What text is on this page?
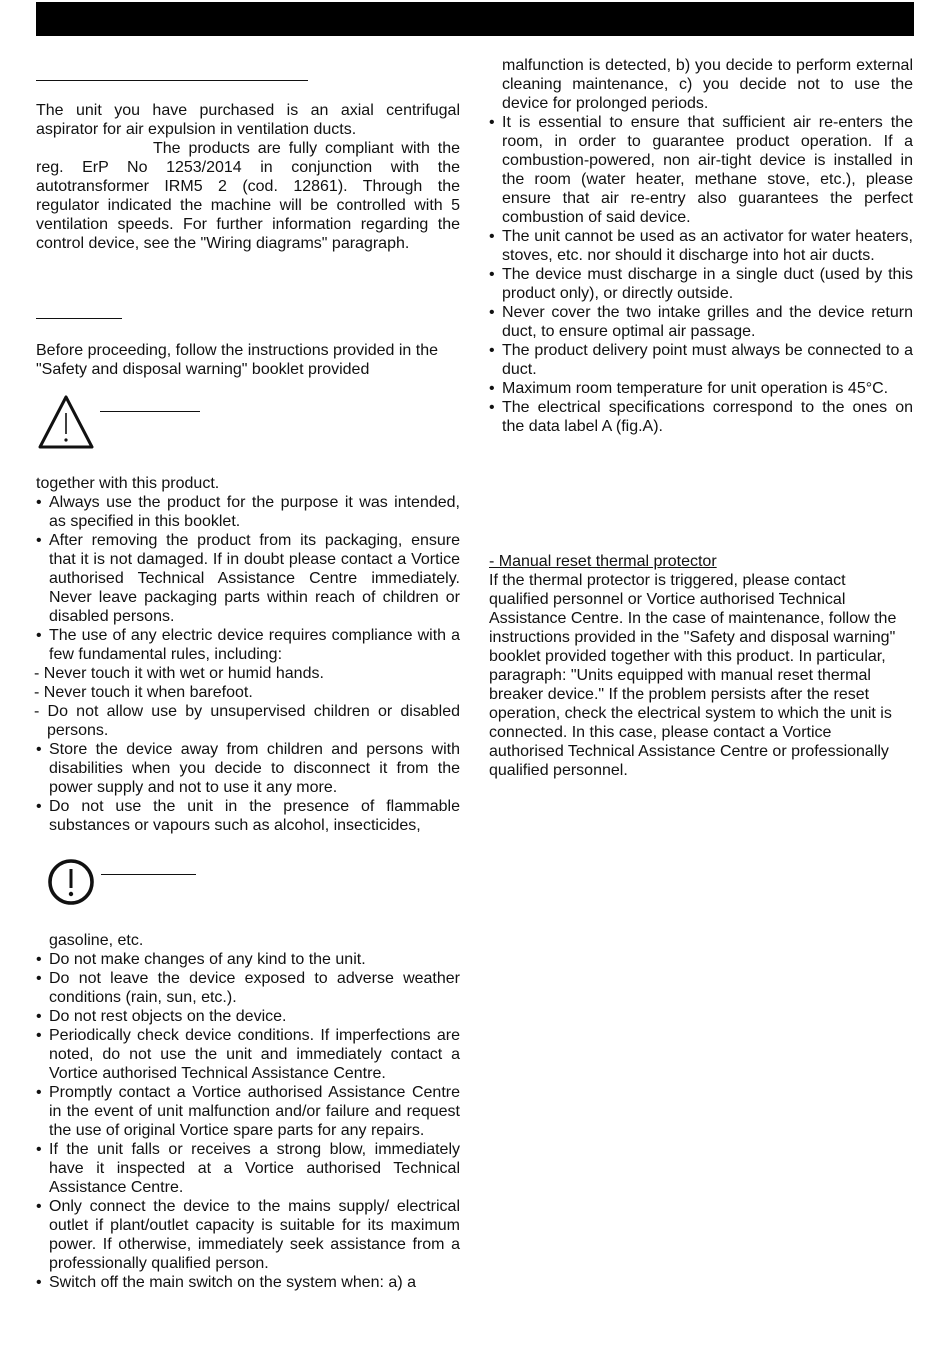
The unit you have purchased is an axial centrifugal aspirator for air expulsion in ventilation ducts.
The products are fully compliant with the reg. ErP No 1253/2014 in conjunction with the autotransformer IRM5 2 (cod. 12861). Through the regulator indicated the machine will be controlled with 5 ventilation speeds. For further information regarding the control device, see the "Wiring diagrams" paragraph.
Before proceeding, follow the instructions provided in the "Safety and disposal warning" booklet provided
together with this product.
• Always use the product for the purpose it was intended, as specified in this booklet.
• After removing the product from its packaging, ensure that it is not damaged. If in doubt please contact a Vortice authorised Technical Assistance Centre immediately. Never leave packaging parts within reach of children or disabled persons.
• The use of any electric device requires compliance with a few fundamental rules, including:
- Never touch it with wet or humid hands.
- Never touch it when barefoot.
- Do not allow use by unsupervised children or disabled persons.
• Store the device away from children and persons with disabilities when you decide to disconnect it from the power supply and not to use it any more.
• Do not use the unit in the presence of flammable substances or vapours such as alcohol, insecticides,
gasoline, etc.
• Do not make changes of any kind to the unit.
• Do not leave the device exposed to adverse weather conditions (rain, sun, etc.).
• Do not rest objects on the device.
• Periodically check device conditions. If imperfections are noted, do not use the unit and immediately contact a Vortice authorised Technical Assistance Centre.
• Promptly contact a Vortice authorised Assistance Centre in the event of unit malfunction and/or failure and request the use of original Vortice spare parts for any repairs.
• If the unit falls or receives a strong blow, immediately have it inspected at a Vortice authorised Technical Assistance Centre.
• Only connect the device to the mains supply/ electrical outlet if plant/outlet capacity is suitable for its maximum power. If otherwise, immediately seek assistance from a professionally qualified person.
• Switch off the main switch on the system when: a) a
malfunction is detected, b) you decide to perform external cleaning maintenance, c) you decide not to use the device for prolonged periods.
• It is essential to ensure that sufficient air re-enters the room, in order to guarantee product operation. If a combustion-powered, non air-tight device is installed in the room (water heater, methane stove, etc.), please ensure that air re-entry also guarantees the perfect combustion of said device.
• The unit cannot be used as an activator for water heaters, stoves, etc. nor should it discharge into hot air ducts.
• The device must discharge in a single duct (used by this product only), or directly outside.
• Never cover the two intake grilles and the device return duct, to ensure optimal air passage.
• The product delivery point must always be connected to a duct.
• Maximum room temperature for unit operation is 45°C.
• The electrical specifications correspond to the ones on the data label A (fig.A).
- Manual reset thermal protector
If the thermal protector is triggered, please contact qualified personnel or Vortice authorised Technical Assistance Centre. In the case of maintenance, follow the instructions provided in the "Safety and disposal warning" booklet provided together with this product. In particular, paragraph: "Units equipped with manual reset thermal breaker device." If the problem persists after the reset operation, check the electrical system to which the unit is connected. In this case, please contact a Vortice authorised Technical Assistance Centre or professionally qualified personnel.
